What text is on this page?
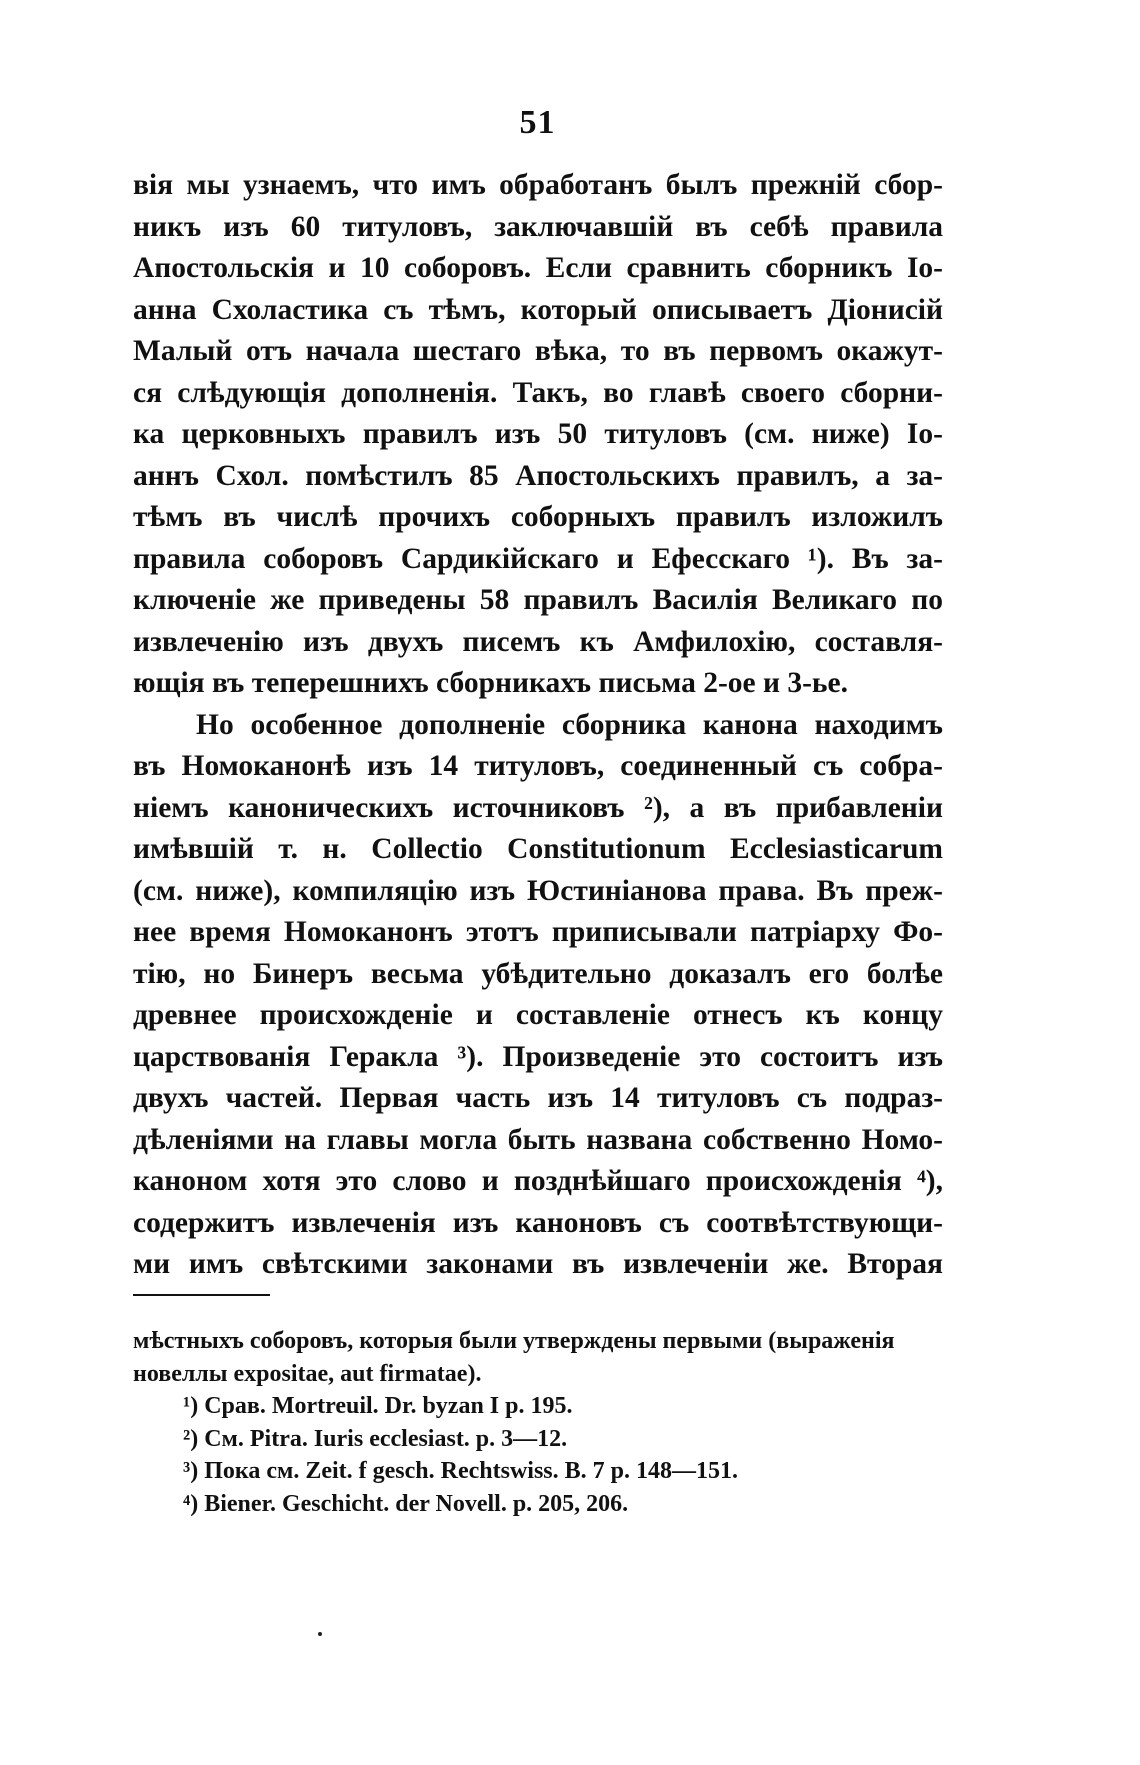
51
вія мы узнаемъ, что имъ обработанъ былъ прежній сбор-
никъ изъ 60 титуловъ, заключавшій въ себѣ правила
Апостольскія и 10 соборовъ. Если сравнить сборникъ Іо-
анна Схоластика съ тѣмъ, который описываетъ Діонисій
Малый отъ начала шестаго вѣка, то въ первомъ окажут-
ся слѣдующія дополненія. Такъ, во главѣ своего сборни-
ка церковныхъ правилъ изъ 50 титуловъ (см. ниже) Іо-
аннъ Схол. помѣстилъ 85 Апостольскихъ правилъ, а за-
тѣмъ въ числѣ прочихъ соборныхъ правилъ изложилъ
правила соборовъ Сардикійскаго и Ефесскаго ¹). Въ за-
ключеніе же приведены 58 правилъ Василія Великаго по
извлеченію изъ двухъ писемъ къ Амфилохію, составля-
ющія въ теперешнихъ сборникахъ письма 2-ое и 3-ье.
Но особенное дополненіе сборника канона находимъ
въ Номоканонѣ изъ 14 титуловъ, соединенный съ собра-
ніемъ каноническихъ источниковъ ²), а въ прибавленіи
имѣвшій т. н. Collectio Constitutionum Ecclesiasticarum
(см. ниже), компиляцію изъ Юстиніанова права. Въ преж-
нее время Номоканонъ этотъ приписывали патріарху Фо-
тію, но Бинеръ весьма убѣдительно доказалъ его болѣе
древнее происхожденіе и составленіе отнесъ къ концу
царствованія Геракла ³). Произведеніе это состоитъ изъ
двухъ частей. Первая часть изъ 14 титуловъ съ подраз-
дѣленіями на главы могла быть названа собственно Номо-
каноном хотя это слово и позднѣйшаго происхожденія ⁴),
содержитъ извлеченія изъ каноновъ съ соотвѣтствующи-
ми имъ свѣтскими законами въ извлеченіи же. Вторая
мѣстныхъ соборовъ, которыя были утверждены первыми (выраженія
новеллы expositae, aut firmatae).
¹) Срав. Mortreuil. Dr. byzan I p. 195.
²) См. Pitra. Iuris ecclesiast. p. 3—12.
³) Пока см. Zeit. f gesch. Rechtswiss. B. 7 p. 148—151.
⁴) Biener. Geschicht. der Novell. p. 205, 206.
